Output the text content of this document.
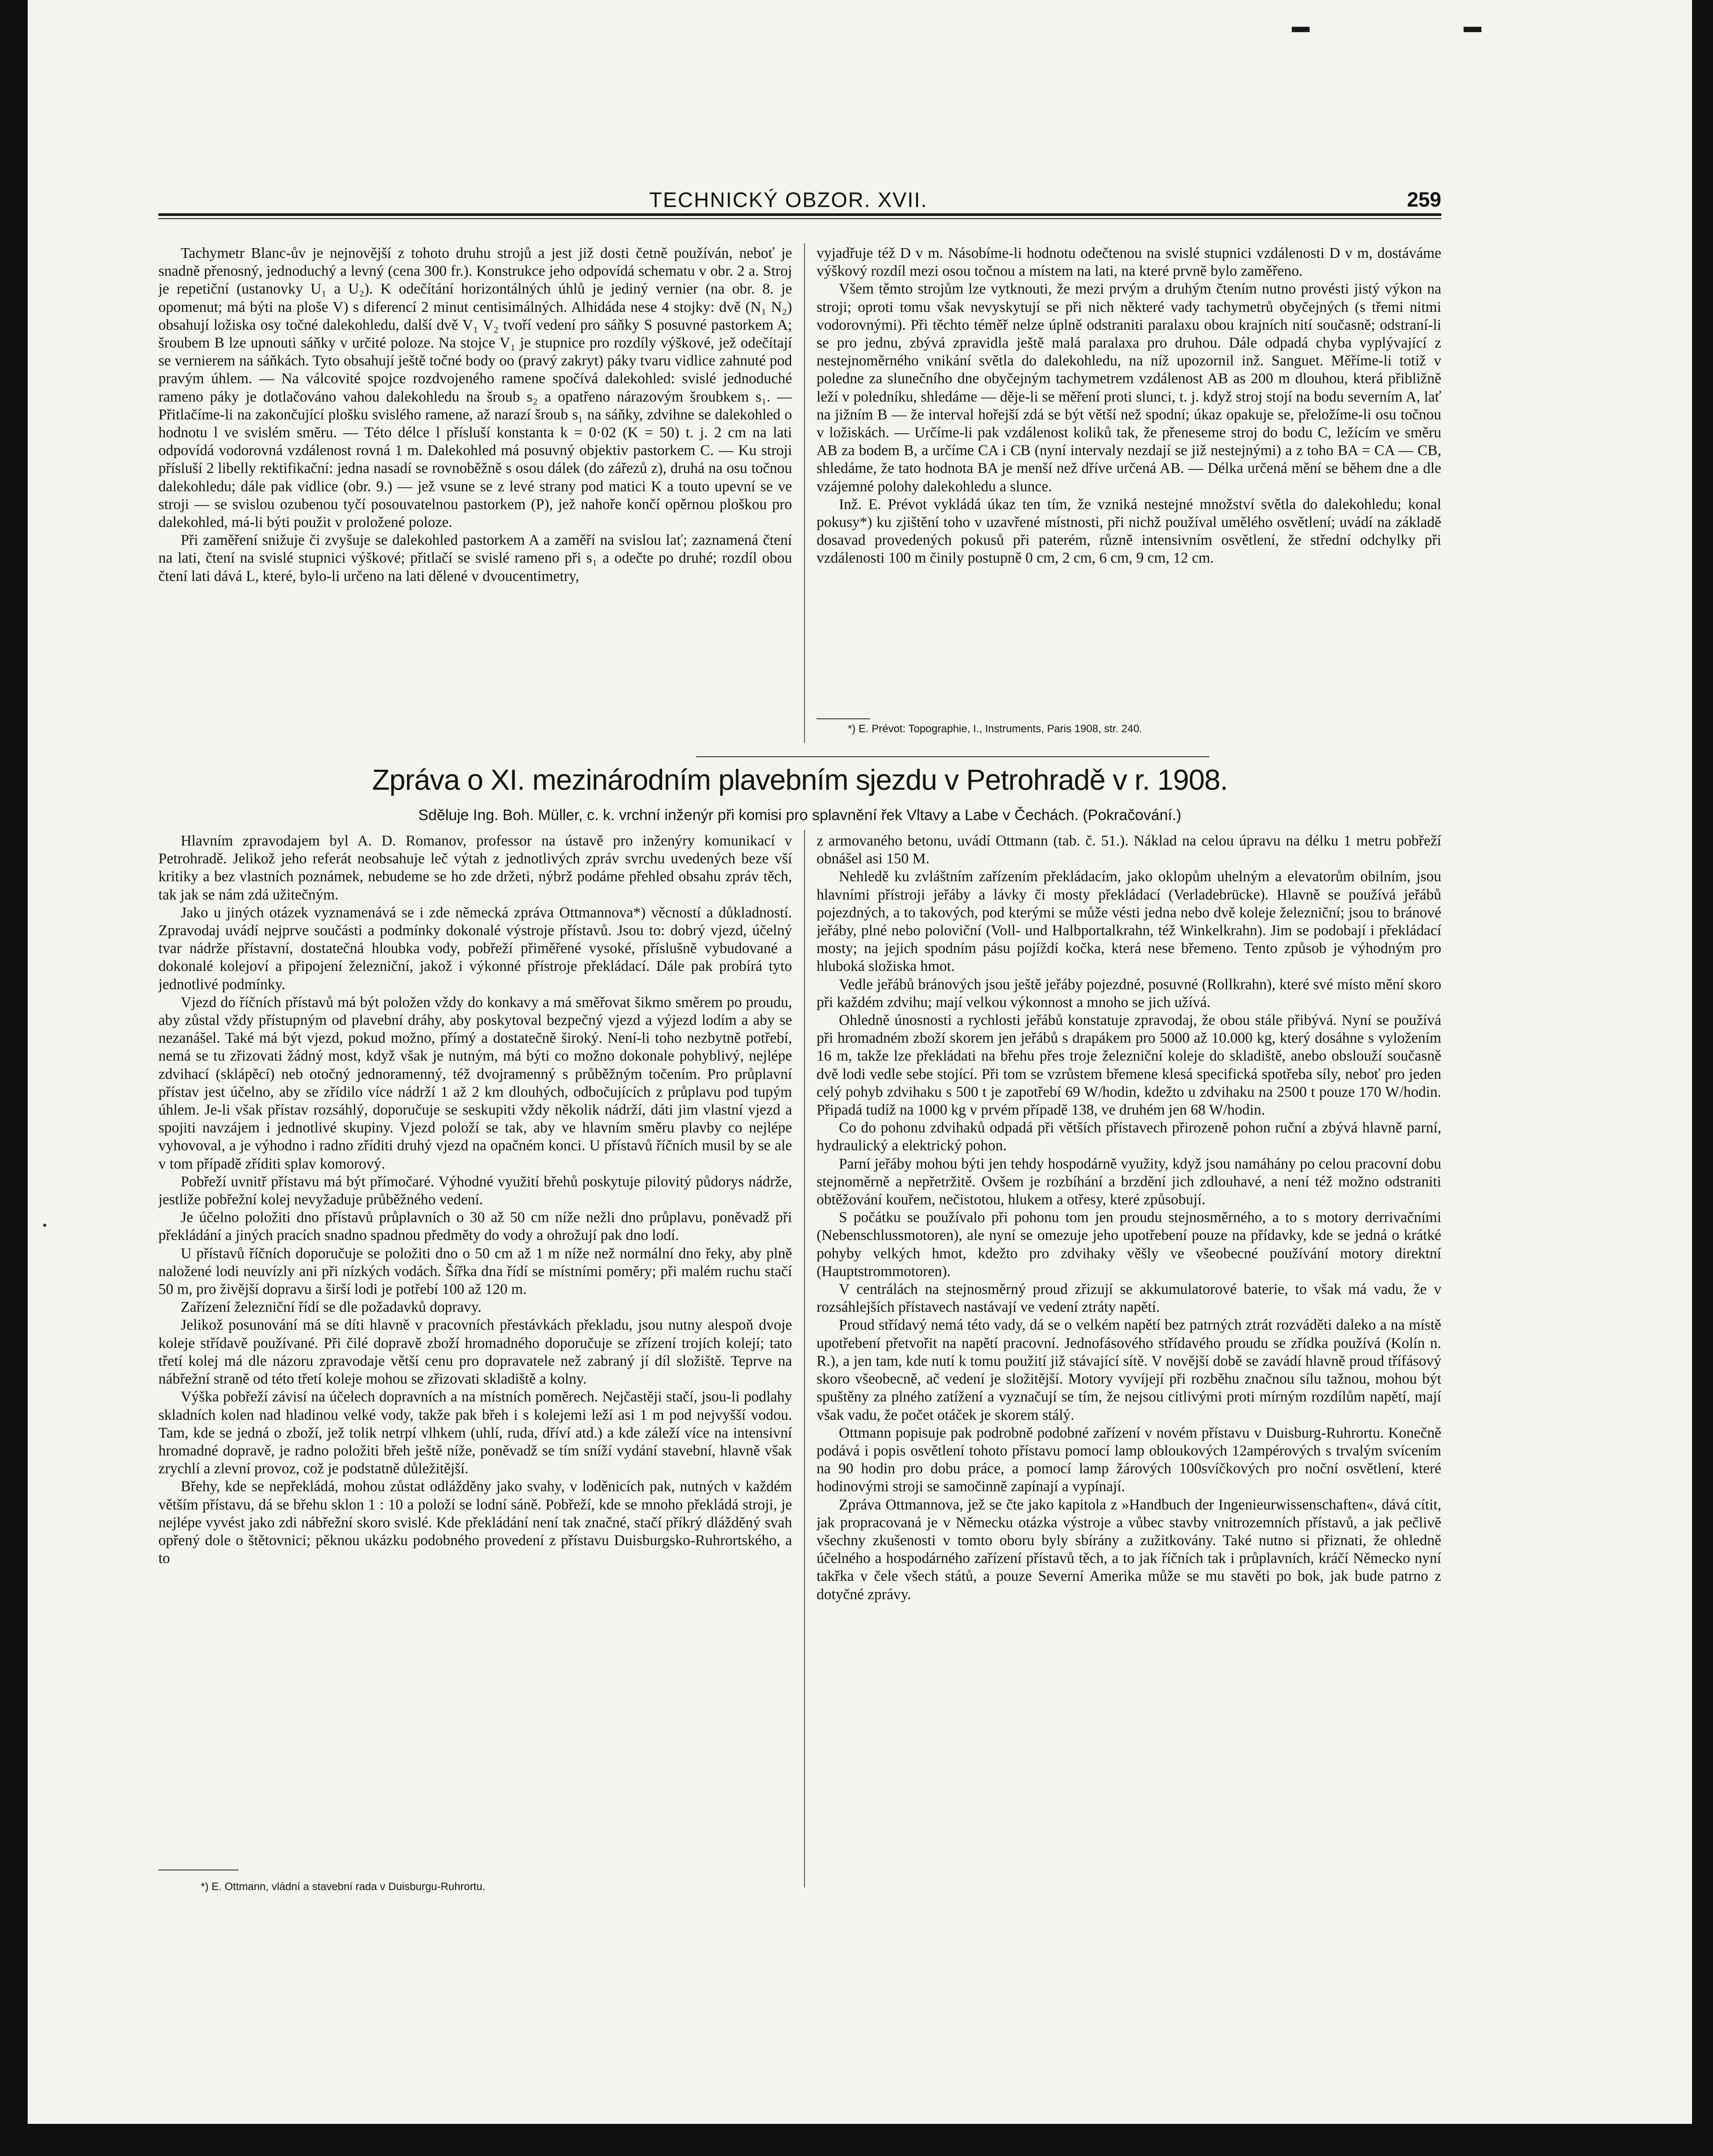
•
TECHNICKÝ OBZOR. XVII.	259

Tachymetr Blanc-ův je nejnovější z tohoto druhu strojů a jest již dosti četně používán, neboť je snadně přenosný, jednoduchý a levný (cena 300 fr.). Konstrukce jeho odpovídá schematu v obr. 2 a. Stroj je repetiční (ustanovky U₁ a U₂). K odečítání horizontálných úhlů je jediný vernier (na obr. 8. je opomenut; má býti na ploše V) s diferencí 2 minut centisimálných. Alhidáda nese 4 stojky: dvě (N₁ N₂) obsahují ložiska osy točné dalekohledu, další dvě V₁ V₂ tvoří vedení pro sáňky S posuvné pastorkem A; šroubem B lze upnouti sáňky v určité poloze. Na stojce V₁ je stupnice pro rozdíly výškové, jež odečítají se vernierem na sáňkách. Tyto obsahují ještě točné body oo (pravý zakryt) páky tvaru vidlice zahnuté pod pravým úhlem. — Na válcovité spojce rozdvojeného ramene spočívá dalekohled: svislé jednoduché rameno páky je dotlačováno vahou dalekohledu na šroub s₂ a opatřeno nárazovým šroubkem s₁. — Přitlačíme-li na zakončující plošku svislého ramene, až narazí šroub s₁ na sáňky, zdvihne se dalekohled o hodnotu l ve svislém směru. — Této délce l přísluší konstanta k = 0·02 (K = 50) t. j. 2 cm na lati odpovídá vodorovná vzdálenost rovná 1 m. Dalekohled má posuvný objektiv pastorkem C. — Ku stroji přísluší 2 libelly rektifikační: jedna nasadí se rovnoběžně s osou dálek (do zářezů z), druhá na osu točnou dalekohledu; dále pak vidlice (obr. 9.) — jež vsune se z levé strany pod matici K a touto upevní se ve stroji — se svislou ozubenou tyčí posouvatelnou pastorkem (P), jež nahoře končí opěrnou ploškou pro dalekohled, má-li býti použit v proložené poloze.

Při zaměření snižuje či zvyšuje se dalekohled pastorkem A a zaměří na svislou lať; zaznamená čtení na lati, čtení na svislé stupnici výškové; přitlačí se svislé rameno při s₁ a odečte po druhé; rozdíl obou čtení lati dává L, které, bylo-li určeno na lati dělené v dvoucentimetry,

vyjadřuje též D v m. Násobíme-li hodnotu odečtenou na svislé stupnici vzdálenosti D v m, dostáváme výškový rozdíl mezi osou točnou a místem na lati, na které prvně bylo zaměřeno.

Všem těmto strojům lze vytknouti, že mezi prvým a druhým čtením nutno provésti jistý výkon na stroji; oproti tomu však nevyskytují se při nich některé vady tachymetrů obyčejných (s třemi nitmi vodorovnými). Při těchto téměř nelze úplně odstraniti paralaxu obou krajních nití současně; odstraní-li se pro jednu, zbývá zpravidla ještě malá paralaxa pro druhou. Dále odpadá chyba vyplývající z nestejnoměrného vnikání světla do dalekohledu, na níž upozornil inž. Sanguet. Měříme-li totiž v poledne za slunečního dne obyčejným tachymetrem vzdálenost AB as 200 m dlouhou, která přibližně leží v poledníku, shledáme — děje-li se měření proti slunci, t. j. když stroj stojí na bodu severním A, lať na jižním B — že interval hořejší zdá se být větší než spodní; úkaz opakuje se, přeložíme-li osu točnou v ložiskách. — Určíme-li pak vzdálenost koliků tak, že přeneseme stroj do bodu C, ležícím ve směru AB za bodem B, a určíme CA i CB (nyní intervaly nezdají se již nestejnými) a z toho BA = CA — CB, shledáme, že tato hodnota BA je menší než dříve určená AB. — Délka určená mění se během dne a dle vzájemné polohy dalekohledu a slunce.

Inž. E. Prévot vykládá úkaz ten tím, že vzniká nestejné množství světla do dalekohledu; konal pokusy*) ku zjištění toho v uzavřené místnosti, při nichž používal umělého osvětlení; uvádí na základě dosavad provedených pokusů při paterém, různě intensivním osvětlení, že střední odchylky při vzdálenosti 100 m činily postupně 0 cm, 2 cm, 6 cm, 9 cm, 12 cm.

*) E. Prévot: Topographie, I., Instruments, Paris 1908, str. 240.
Zpráva o XI. mezinárodním plavebním sjezdu v Petrohradě v r. 1908.
Sděluje Ing. Boh. Müller, c. k. vrchní inženýr při komisi pro splavnění řek Vltavy a Labe v Čechách. (Pokračování.)

Hlavním zpravodajem byl A. D. Romanov, professor na ústavě pro inženýry komunikací v Petrohradě. Jelikož jeho referát neobsahuje leč výtah z jednotlivých zpráv svrchu uvedených beze vší kritiky a bez vlastních poznámek, nebudeme se ho zde držeti, nýbrž podáme přehled obsahu zpráv těch, tak jak se nám zdá užitečným.

Jako u jiných otázek vyznamenává se i zde německá zpráva Ottmannova*) věcností a důkladností. Zpravodaj uvádí nejprve součásti a podmínky dokonalé výstroje přístavů. Jsou to: dobrý vjezd, účelný tvar nádrže přístavní, dostatečná hloubka vody, pobřeží přiměřené vysoké, příslušně vybudované a dokonalé kolejoví a připojení železniční, jakož i výkonné přístroje překládací. Dále pak probírá tyto jednotlivé podmínky.

Vjezd do říčních přístavů má být položen vždy do konkavy a má směřovat šikmo směrem po proudu, aby zůstal vždy přístupným od plavební dráhy, aby poskytoval bezpečný vjezd a výjezd lodím a aby se nezanášel. Také má být vjezd, pokud možno, přímý a dostatečně široký. Není-li toho nezbytně potřebí, nemá se tu zřizovati žádný most, když však je nutným, má býti co možno dokonale pohyblivý, nejlépe zdvihací (sklápěcí) neb otočný jednoramenný, též dvojramenný s průběžným točením. Pro průplavní přístav jest účelno, aby se zřídilo více nádrží 1 až 2 km dlouhých, odbočujících z průplavu pod tupým úhlem. Je-li však přístav rozsáhlý, doporučuje se seskupiti vždy několik nádrží, dáti jim vlastní vjezd a spojiti navzájem i jednotlivé skupiny. Vjezd položí se tak, aby ve hlavním směru plavby co nejlépe vyhovoval, a je výhodno i radno zříditi druhý vjezd na opačném konci. U přístavů říčních musil by se ale v tom případě zříditi splav komorový.

Pobřeží uvnitř přístavu má být přímočaré. Výhodné využití břehů poskytuje pilovitý půdorys nádrže, jestliže pobřežní kolej nevyžaduje průběžného vedení.

Je účelno položiti dno přístavů průplavních o 30 až 50 cm níže nežli dno průplavu, poněvadž při překládání a jiných pracích snadno spadnou předměty do vody a ohrožují pak dno lodí.

U přístavů říčních doporučuje se položiti dno o 50 cm až 1 m níže než normální dno řeky, aby plně naložené lodi neuvízly ani při nízkých vodách. Šířka dna řídí se místními poměry; při malém ruchu stačí 50 m, pro živější dopravu a širší lodi je potřebí 100 až 120 m.

Zařízení železniční řídí se dle požadavků dopravy.

Jelikož posunování má se díti hlavně v pracovních přestávkách překladu, jsou nutny alespoň dvoje koleje střídavě používané. Při čilé dopravě zboží hromadného doporučuje se zřízení trojích kolejí; tato třetí kolej má dle názoru zpravodaje větší cenu pro dopravatele než zabraný jí díl složiště. Teprve na nábřežní straně od této třetí koleje mohou se zřizovati skladiště a kolny.

Výška pobřeží závisí na účelech dopravních a na místních poměrech. Nejčastěji stačí, jsou-li podlahy skladních kolen nad hladinou velké vody, takže pak břeh i s kolejemi leží asi 1 m pod nejvyšší vodou. Tam, kde se jedná o zboží, jež tolik netrpí vlhkem (uhlí, ruda, dříví atd.) a kde záleží více na intensivní hromadné dopravě, je radno položiti břeh ještě níže, poněvadž se tím sníží vydání stavební, hlavně však zrychlí a zlevní provoz, což je podstatně důležitější.

Břehy, kde se nepřekládá, mohou zůstat odlážděny jako svahy, v loděnicích pak, nutných v každém větším přístavu, dá se břehu sklon 1 : 10 a položí se lodní sáně. Pobřeží, kde se mnoho překládá stroji, je nejlépe vyvést jako zdi nábřežní skoro svislé. Kde překládání není tak značné, stačí příkrý dlážděný svah opřený dole o štětovnici; pěknou ukázku podobného provedení z přístavu Duisburgsko-Ruhrortského, a to

z armovaného betonu, uvádí Ottmann (tab. č. 51.). Náklad na celou úpravu na délku 1 metru pobřeží obnášel asi 150 M.

Nehledě ku zvláštním zařízením překládacím, jako oklopům uhelným a elevatorům obilním, jsou hlavními přístroji jeřáby a lávky či mosty překládací (Verladebrücke). Hlavně se používá jeřábů pojezdných, a to takových, pod kterými se může vésti jedna nebo dvě koleje železniční; jsou to bránové jeřáby, plné nebo poloviční (Voll- und Halbportalkrahn, též Winkelkrahn). Jim se podobají i překládací mosty; na jejich spodním pásu pojíždí kočka, která nese břemeno. Tento způsob je výhodným pro hluboká složiska hmot.

Vedle jeřábů bránových jsou ještě jeřáby pojezdné, posuvné (Rollkrahn), které své místo mění skoro při každém zdvihu; mají velkou výkonnost a mnoho se jich užívá.

Ohledně únosnosti a rychlosti jeřábů konstatuje zpravodaj, že obou stále přibývá. Nyní se používá při hromadném zboží skorem jen jeřábů s drapákem pro 5000 až 10.000 kg, který dosáhne s vyložením 16 m, takže lze překládati na břehu přes troje železniční koleje do skladiště, anebo obslouží současně dvě lodi vedle sebe stojící. Při tom se vzrůstem břemene klesá specifická spotřeba síly, neboť pro jeden celý pohyb zdvihaku s 500 t je zapotřebí 69 W/hodin, kdežto u zdvihaku na 2500 t pouze 170 W/hodin. Připadá tudíž na 1000 kg v prvém případě 138, ve druhém jen 68 W/hodin.

Co do pohonu zdvihaků odpadá při větších přístavech přirozeně pohon ruční a zbývá hlavně parní, hydraulický a elektrický pohon.

Parní jeřáby mohou býti jen tehdy hospodárně využity, když jsou namáhány po celou pracovní dobu stejnoměrně a nepřetržitě. Ovšem je rozbíhání a brzdění jich zdlouhavé, a není též možno odstraniti obtěžování kouřem, nečistotou, hlukem a otřesy, které způsobují.

S počátku se používalo při pohonu tom jen proudu stejnosměrného, a to s motory derrivačními (Nebenschlussmotoren), ale nyní se omezuje jeho upotřebení pouze na přídavky, kde se jedná o krátké pohyby velkých hmot, kdežto pro zdvihaky věšly ve všeobecné používání motory direktní (Hauptstrommotoren).

V centrálách na stejnosměrný proud zřizují se akkumulatorové baterie, to však má vadu, že v rozsáhlejších přístavech nastávají ve vedení ztráty napětí.

Proud střídavý nemá této vady, dá se o velkém napětí bez patrných ztrát rozváděti daleko a na místě upotřebení přetvořit na napětí pracovní. Jednofásového střídavého proudu se zřídka používá (Kolín n. R.), a jen tam, kde nutí k tomu použití již stávající sítě. V novější době se zavádí hlavně proud třífásový skoro všeobecně, ač vedení je složitější. Motory vyvíjejí při rozběhu značnou sílu tažnou, mohou být spuštěny za plného zatížení a vyznačují se tím, že nejsou citlivými proti mírným rozdílům napětí, mají však vadu, že počet otáček je skorem stálý.

Ottmann popisuje pak podrobně podobné zařízení v novém přístavu v Duisburg-Ruhrortu. Konečně podává i popis osvětlení tohoto přístavu pomocí lamp obloukových 12ampérových s trvalým svícením na 90 hodin pro dobu práce, a pomocí lamp žárových 100svíčkových pro noční osvětlení, které hodinovými stroji se samočinně zapínají a vypínají.

Zpráva Ottmannova, jež se čte jako kapitola z »Handbuch der Ingenieurwissenschaften«, dává cítit, jak propracovaná je v Německu otázka výstroje a vůbec stavby vnitrozemních přístavů, a jak pečlivě všechny zkušenosti v tomto oboru byly sbírány a zužitkovány. Také nutno si přiznati, že ohledně účelného a hospodárného zařízení přístavů těch, a to jak říčních tak i průplavních, kráčí Německo nyní takřka v čele všech států, a pouze Severní Amerika může se mu stavěti po bok, jak bude patrno z dotyčné zprávy.

*) E. Ottmann, vládní a stavební rada v Duisburgu-Ruhrortu.
